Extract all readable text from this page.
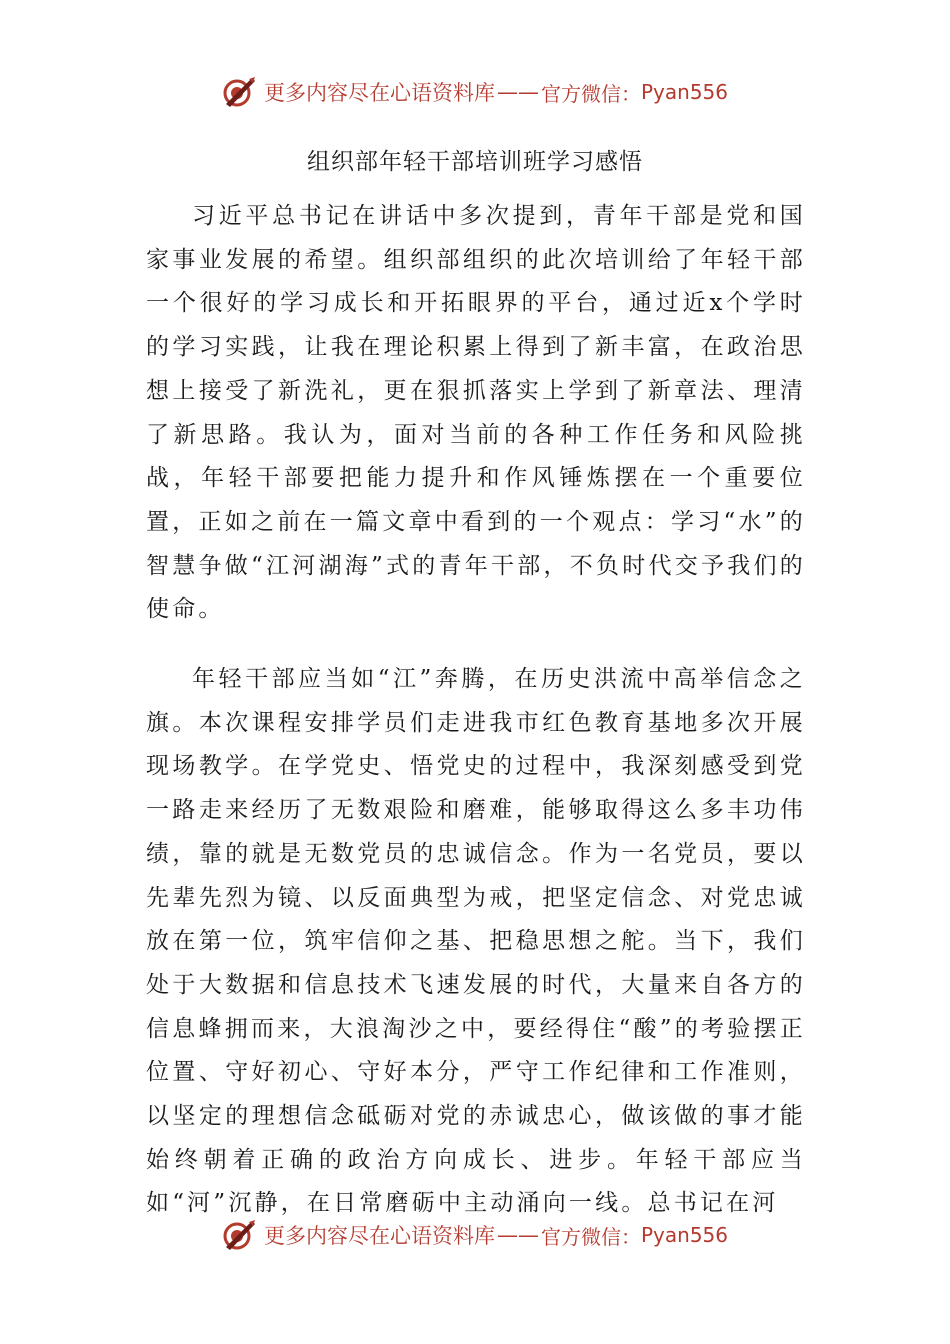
更多内容尽在心语资料库 —— 官方微信： Pyan556
组织部年轻干部培训班学习感悟

习近平总书记在讲话中多次提到，青年干部是党和国家事业发展的希望。组织部组织的此次培训给了年轻干部一个很好的学习成长和开拓眼界的平台，通过近x个学时的学习实践，让我在理论积累上得到了新丰富，在政治思想上接受了新洗礼，更在狠抓落实上学到了新章法、理清了新思路。我认为，面对当前的各种工作任务和风险挑战，年轻干部要把能力提升和作风锤炼摆在一个重要位置，正如之前在一篇文章中看到的一个观点：学习“水”的智慧争做“江河湖海”式的青年干部，不负时代交予我们的使命。

年轻干部应当如“江”奔腾，在历史洪流中高举信念之旗。本次课程安排学员们走进我市红色教育基地多次开展现场教学。在学党史、悟党史的过程中，我深刻感受到党一路走来经历了无数艰险和磨难，能够取得这么多丰功伟绩，靠的就是无数党员的忠诚信念。作为一名党员，要以先辈先烈为镜、以反面典型为戒，把坚定信念、对党忠诚放在第一位，筑牢信仰之基、把稳思想之舵。当下，我们处于大数据和信息技术飞速发展的时代，大量来自各方的信息蜂拥而来，大浪淘沙之中，要经得住“酸”的考验摆正位置、守好初心、守好本分，严守工作纪律和工作准则，以坚定的理想信念砥砺对党的赤诚忠心，做该做的事才能始终朝着正确的政治方向成长、进步。年轻干部应当如“河”沉静，在日常磨砺中主动涌向一线。总书记在河

更多内容尽在心语资料库 —— 官方微信： Pyan556
